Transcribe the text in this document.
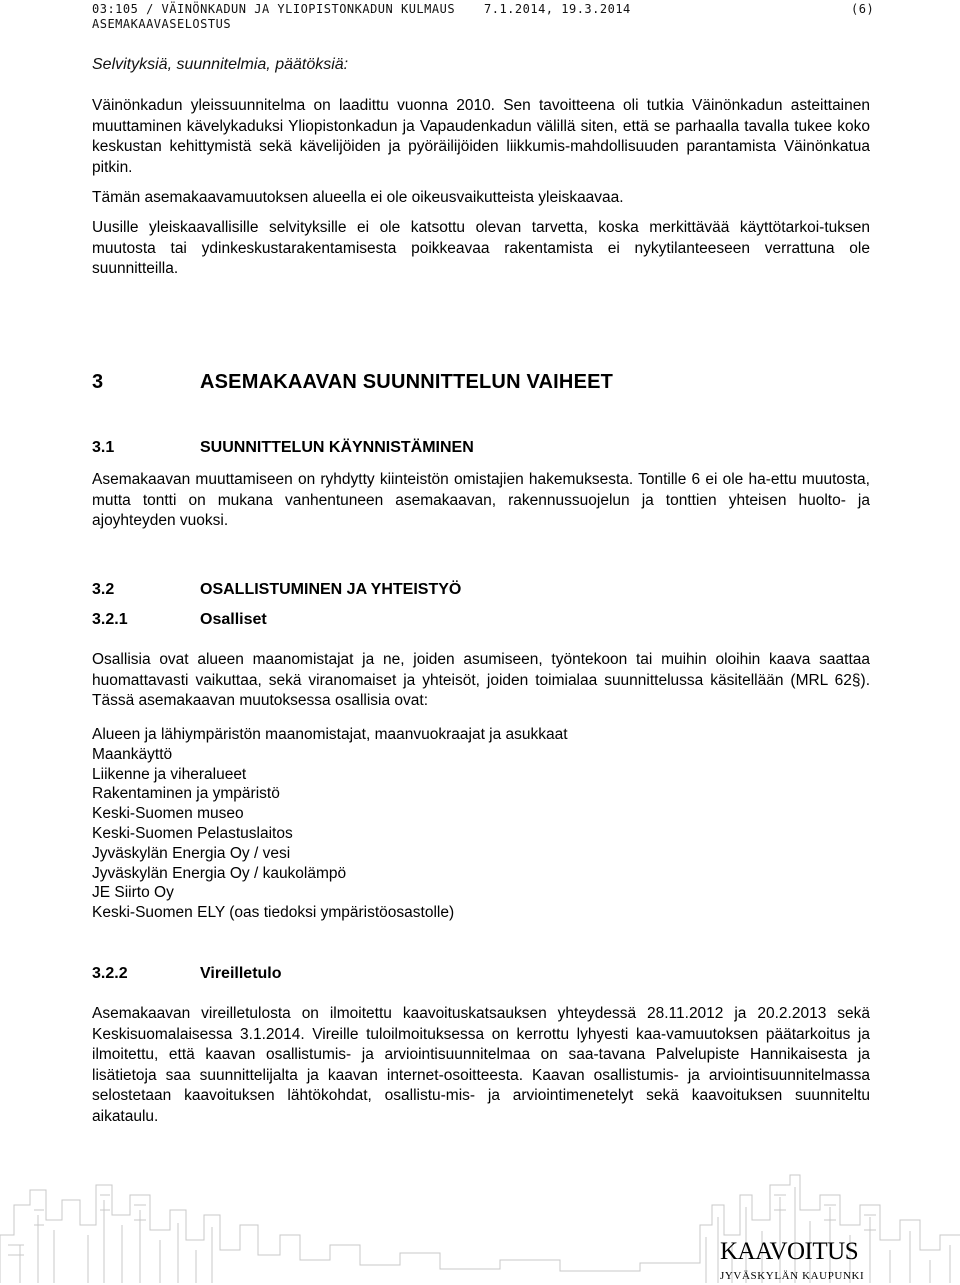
03:105 / VÄINÖNKADUN JA YLIOPISTONKADUN KULMAUS 7.1.2014, 19.3.2014	(6)
ASEMAKAAVASELOSTUS

Selvityksiä, suunnitelmia, päätöksiä:

Väinönkadun yleissuunnitelma on laadittu vuonna 2010. Sen tavoitteena oli tutkia Väinönkadun asteittainen muuttaminen kävelykaduksi Yliopistonkadun ja Vapaudenkadun välillä siten, että se parhaalla tavalla tukee koko keskustan kehittymistä sekä kävelijöiden ja pyöräilijöiden liikkumis-mahdollisuuden parantamista Väinönkatua pitkin.

Tämän asemakaavamuutoksen alueella ei ole oikeusvaikutteista yleiskaavaa.

Uusille yleiskaavallisille selvityksille ei ole katsottu olevan tarvetta, koska merkittävää käyttötarkoi-tuksen muutosta tai ydinkeskustarakentamisesta poikkeavaa rakentamista ei nykytilanteeseen verrattuna ole suunnitteilla.

3	ASEMAKAAVAN SUUNNITTELUN VAIHEET
3.1	SUUNNITTELUN KÄYNNISTÄMINEN

Asemakaavan muuttamiseen on ryhdytty kiinteistön omistajien hakemuksesta. Tontille 6 ei ole ha-ettu muutosta, mutta tontti on mukana vanhentuneen asemakaavan, rakennussuojelun ja tonttien yhteisen huolto- ja ajoyhteyden vuoksi.

3.2	OSALLISTUMINEN JA YHTEISTYÖ
3.2.1	Osalliset

Osallisia ovat alueen maanomistajat ja ne, joiden asumiseen, työntekoon tai muihin oloihin kaava saattaa huomattavasti vaikuttaa, sekä viranomaiset ja yhteisöt, joiden toimialaa suunnittelussa käsitellään (MRL 62§). Tässä asemakaavan muutoksessa osallisia ovat:

Alueen ja lähiympäristön maanomistajat, maanvuokraajat ja asukkaat
Maankäyttö
Liikenne ja viheralueet
Rakentaminen ja ympäristö
Keski-Suomen museo
Keski-Suomen Pelastuslaitos
Jyväskylän Energia Oy / vesi
Jyväskylän Energia Oy / kaukolämpö
JE Siirto Oy
Keski-Suomen ELY (oas tiedoksi ympäristöosastolle)
3.2.2	Vireilletulo

Asemakaavan vireilletulosta on ilmoitettu kaavoituskatsauksen yhteydessä 28.11.2012 ja 20.2.2013 sekä Keskisuomalaisessa 3.1.2014. Vireille tuloilmoituksessa on kerrottu lyhyesti kaa-vamuutoksen päätarkoitus ja ilmoitettu, että kaavan osallistumis- ja arviointisuunnitelmaa on saa-tavana Palvelupiste Hannikaisesta ja lisätietoja saa suunnittelijalta ja kaavan internet-osoitteesta. Kaavan osallistumis- ja arviointisuunnitelmassa selostetaan kaavoituksen lähtökohdat, osallistu-mis- ja arviointimenetelyt sekä kaavoituksen suunniteltu aikataulu.

KAAVOITUS
JYVÄSKYLÄN KAUPUNKI
